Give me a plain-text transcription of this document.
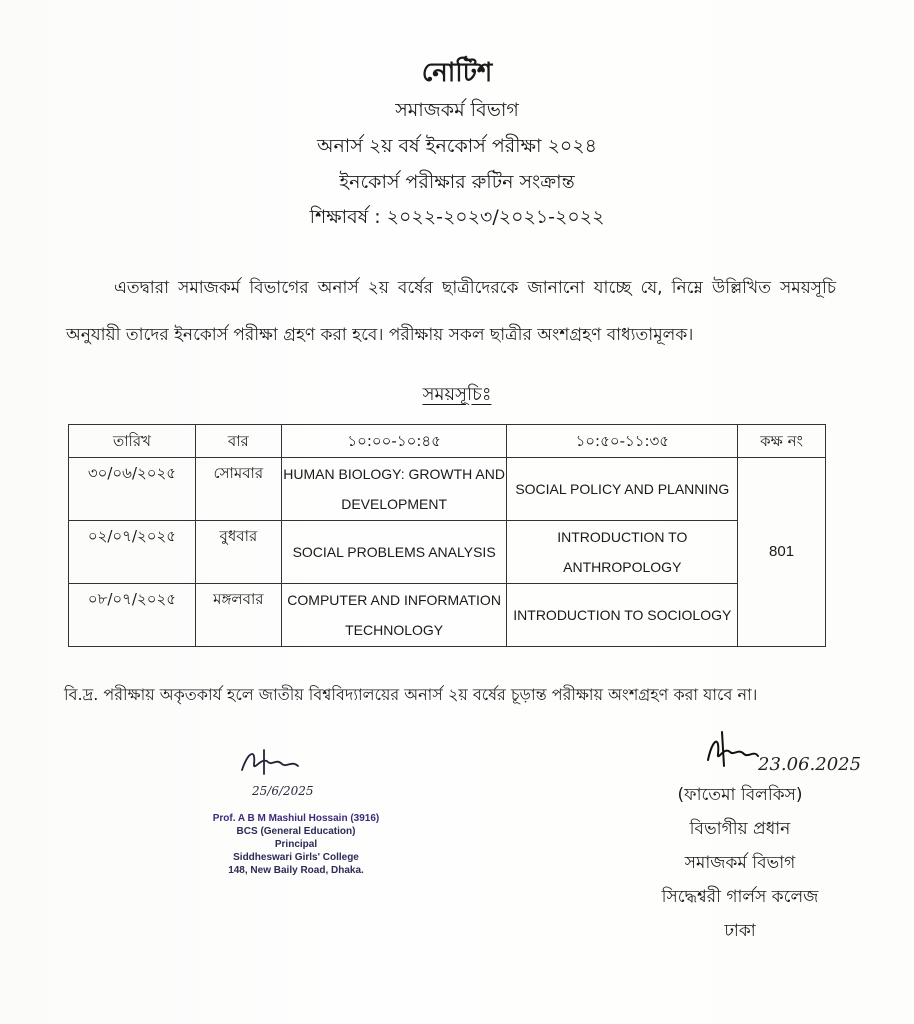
নোটিশ
সমাজকর্ম বিভাগ
অনার্স ২য় বর্ষ ইনকোর্স পরীক্ষা ২০২৪
ইনকোর্স পরীক্ষার রুটিন সংক্রান্ত
শিক্ষাবর্ষ : ২০২২-২০২৩/২০২১-২০২২
এতদ্বারা সমাজকর্ম বিভাগের অনার্স ২য় বর্ষের ছাত্রীদেরকে জানানো যাচ্ছে যে, নিম্নে উল্লিখিত সময়সূচি অনুযায়ী তাদের ইনকোর্স পরীক্ষা গ্রহণ করা হবে। পরীক্ষায় সকল ছাত্রীর অংশগ্রহণ বাধ্যতামূলক।
সময়সূচিঃ
তারিখ	বার	১০:০০-১০:৪৫	১০:৫০-১১:৩৫	কক্ষ নং
৩০/০৬/২০২৫	সোমবার	HUMAN BIOLOGY: GROWTH AND DEVELOPMENT	SOCIAL POLICY AND PLANNING	801
০২/০৭/২০২৫	বুধবার	SOCIAL PROBLEMS ANALYSIS	INTRODUCTION TO ANTHROPOLOGY	
০৮/০৭/২০২৫	মঙ্গলবার	COMPUTER AND INFORMATION TECHNOLOGY	INTRODUCTION TO SOCIOLOGY	
বি.দ্র. পরীক্ষায় অকৃতকার্য হলে জাতীয় বিশ্ববিদ্যালয়ের অনার্স ২য় বর্ষের চূড়ান্ত পরীক্ষায় অংশগ্রহণ করা যাবে না।
25/6/2025
Prof. A B M Mashiul Hossain (3916)
BCS (General Education)
Principal
Siddheswari Girls' College
148, New Baily Road, Dhaka.
23.06.2025
(ফাতেমা বিলকিস)
বিভাগীয় প্রধান
সমাজকর্ম বিভাগ
সিদ্ধেশ্বরী গার্লস কলেজ
ঢাকা
